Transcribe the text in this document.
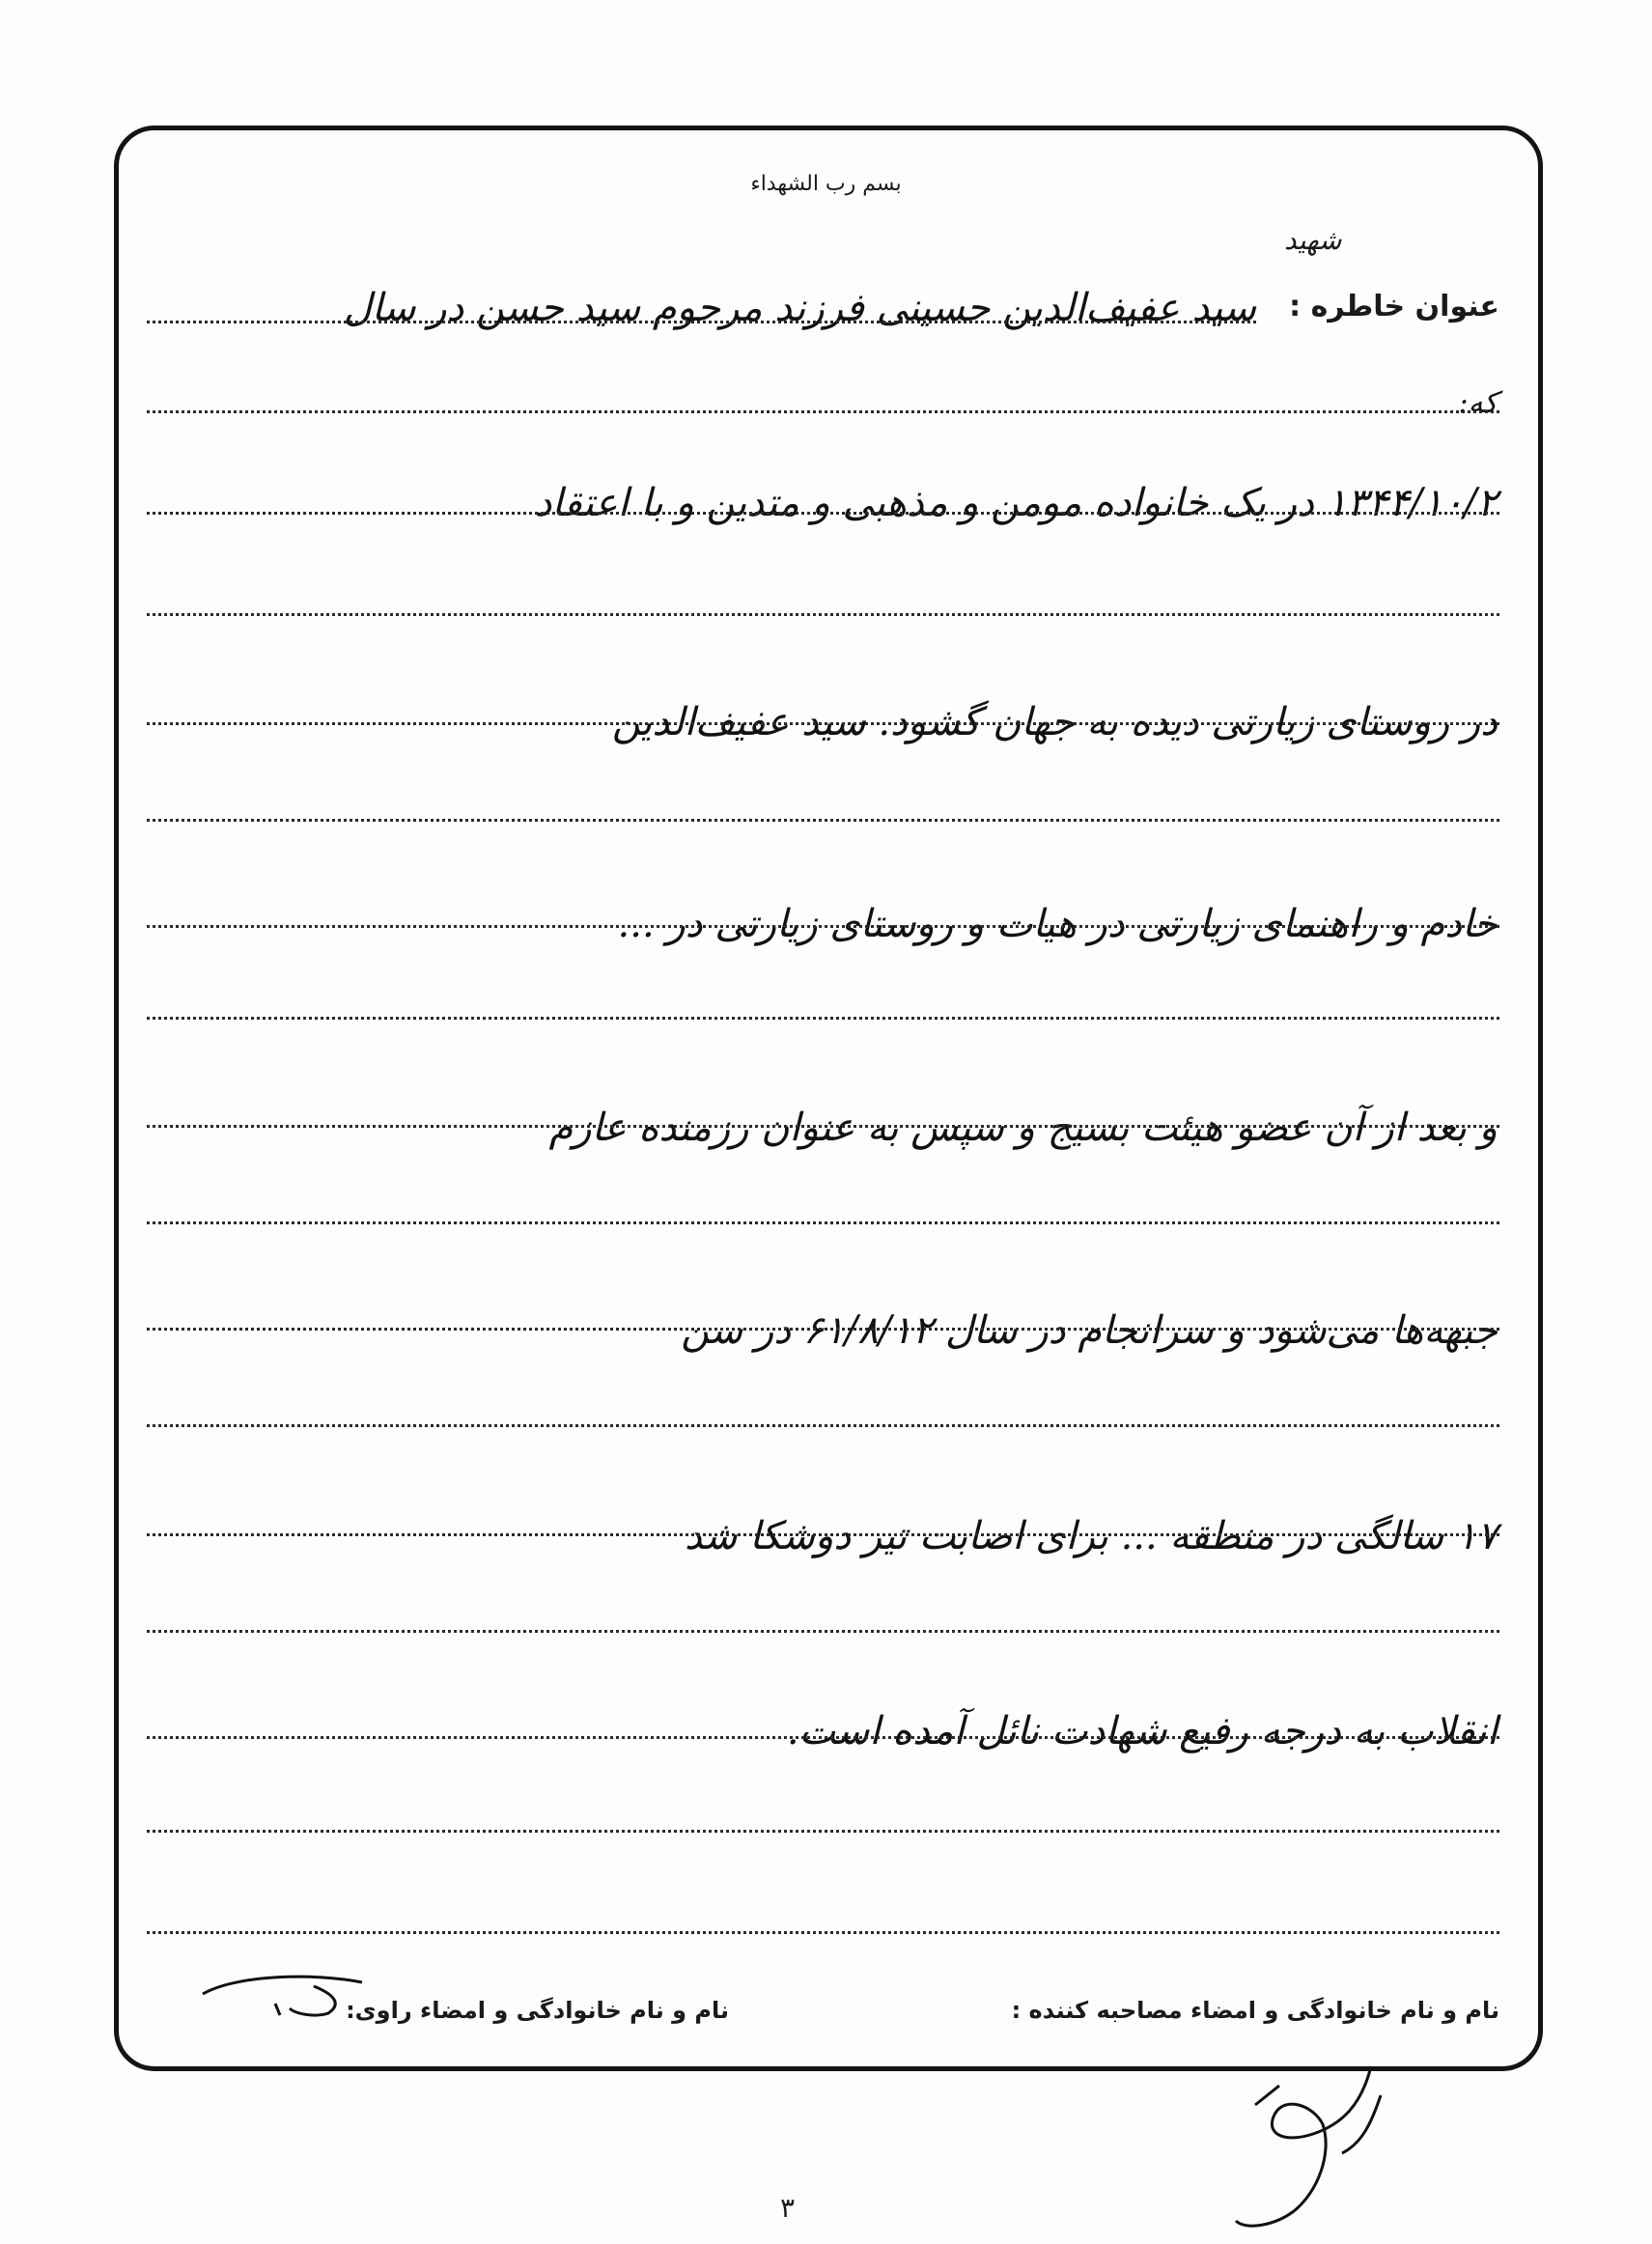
بسم رب الشهداء
شهید
عنوان خاطره :
سید عفیف‌الدین حسینی فرزند مرحوم سید حسن در سال
که:
۱۳۴۴/۱۰/۲ در یک خانواده مومن و مذهبی و متدین و با اعتقاد
در روستای زیارتی دیده به جهان گشود. سید عفیف‌الدین
خادم و راهنمای زیارتی در هیات و روستای زیارتی در ...
و بعد از آن عضو هیئت بسیج و سپس به عنوان رزمنده عازم
جبهه‌ها می‌شود و سرانجام در سال ۶۱/۸/۱۲ در سن
۱۷ سالگی در منطقه ... برای اصابت تیر دوشکا شد
انقلاب به درجه رفیع شهادت نائل آمده است.
نام و نام خانوادگی و امضاء مصاحبه کننده :
نام و نام خانوادگی و امضاء راوی:
۳
